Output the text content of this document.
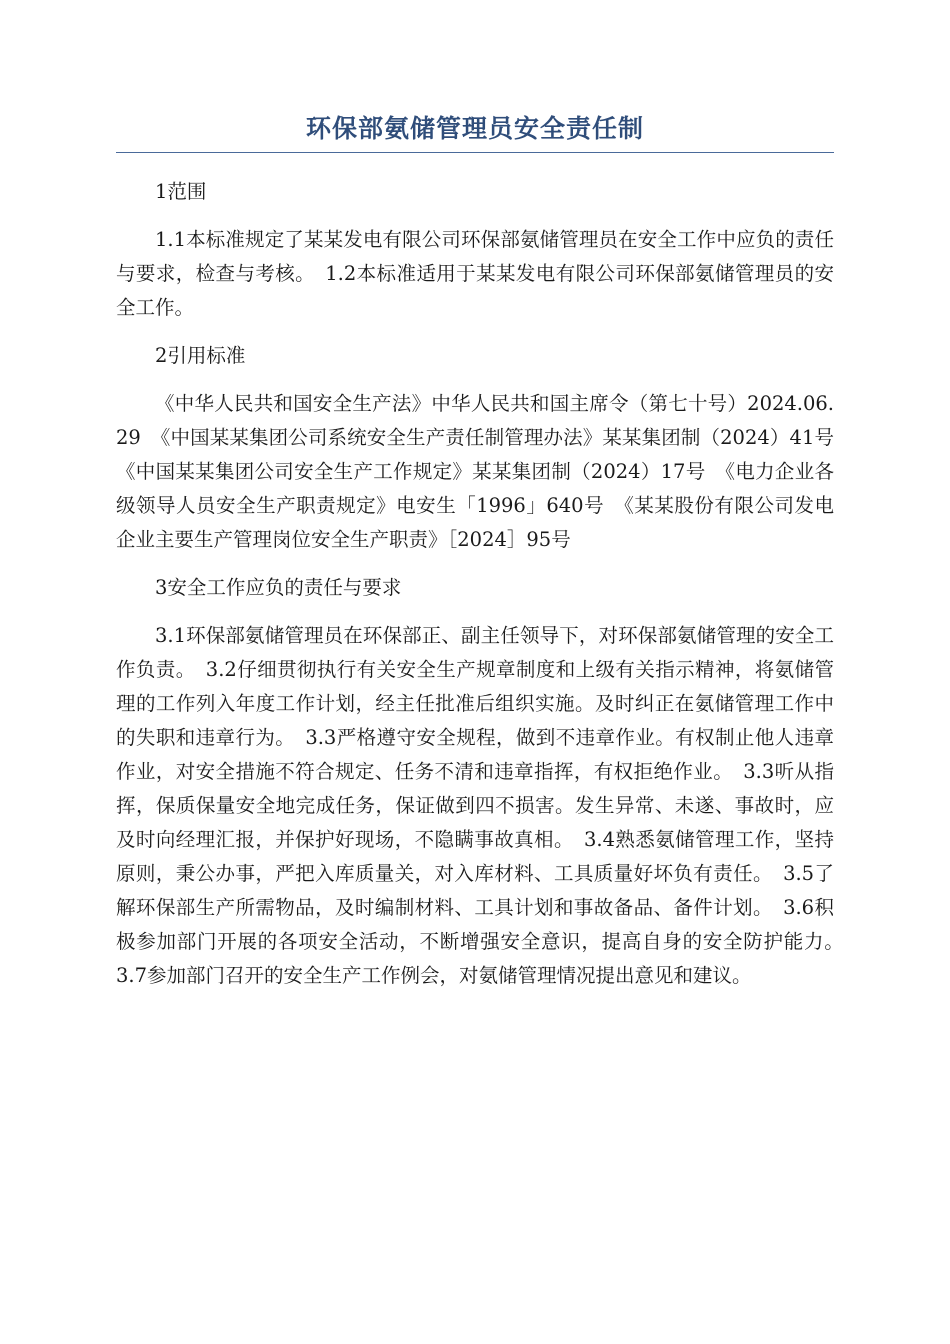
环保部氨储管理员安全责任制

1范围

1.1本标准规定了某某发电有限公司环保部氨储管理员在安全工作中应负的责任与要求，检查与考核。　1.2本标准适用于某某发电有限公司环保部氨储管理员的安全工作。

2引用标准

《中华人民共和国安全生产法》中华人民共和国主席令（第七十号）2024.06.29　《中国某某集团公司系统安全生产责任制管理办法》某某集团制（2024）41号　《中国某某集团公司安全生产工作规定》某某集团制（2024）17号　《电力企业各级领导人员安全生产职责规定》电安生「1996」640号　《某某股份有限公司发电企业主要生产管理岗位安全生产职责》［2024］95号

3安全工作应负的责任与要求

3.1环保部氨储管理员在环保部正、副主任领导下，对环保部氨储管理的安全工作负责。　3.2仔细贯彻执行有关安全生产规章制度和上级有关指示精神，将氨储管理的工作列入年度工作计划，经主任批准后组织实施。及时纠正在氨储管理工作中的失职和违章行为。　3.3严格遵守安全规程，做到不违章作业。有权制止他人违章作业，对安全措施不符合规定、任务不清和违章指挥，有权拒绝作业。　3.3听从指挥，保质保量安全地完成任务，保证做到四不损害。发生异常、未遂、事故时，应及时向经理汇报，并保护好现场，不隐瞒事故真相。　3.4熟悉氨储管理工作，坚持原则，秉公办事，严把入库质量关，对入库材料、工具质量好坏负有责任。　3.5了解环保部生产所需物品，及时编制材料、工具计划和事故备品、备件计划。　3.6积极参加部门开展的各项安全活动，不断增强安全意识，提高自身的安全防护能力。　3.7参加部门召开的安全生产工作例会，对氨储管理情况提出意见和建议。
